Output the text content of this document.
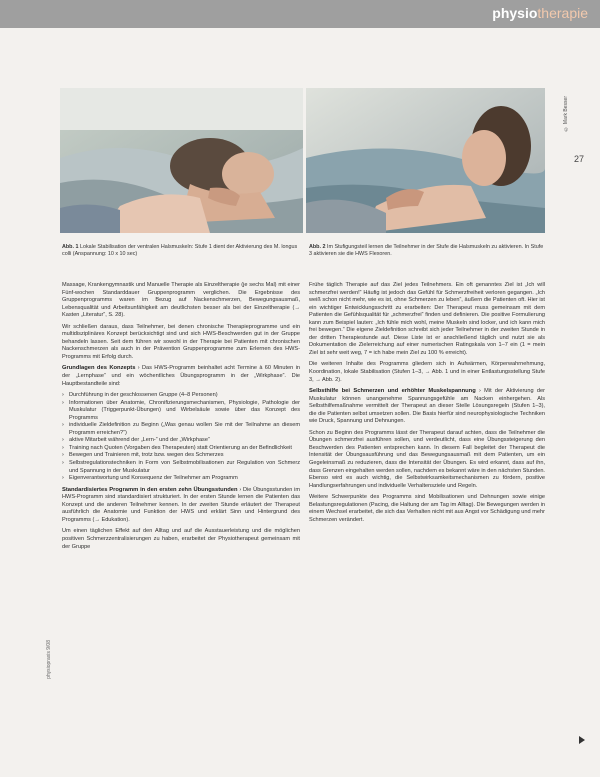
physiotherapie
© Mark Besser
27
Abb. 1 Lokale Stabilisation der ventralen Halsmuskeln: Stufe 1 dient der Aktivierung des M. longus colli (Anspannung: 10 x 10 sec)
Abb. 2 Im Stufigungsteil lernen die Teilnehmer in der Stufe die Halsmuskeln zu aktivieren. In Stufe 3 aktivieren sie die HWS Flexoren.

Massage, Krankengymnastik und Manuelle Therapie als Einzeltherapie (je sechs Mal) mit einer Fünf-wochen Standarddauer Gruppenprogramm verglichen. Die Ergebnisse des Gruppenprogramms waren im Bezug auf Nackenschmerzen, Bewegungsausmaß, Lebensqualität und Arbeitsunfähigkeit am deutlichsten besser als bei der Einzeltherapie (→ Kasten „Literatur“, S. 28).

Wir schließen daraus, dass Teilnehmer, bei denen chronische Therapieprogramme und ein multidisziplinäres Konzept berücksichtigt sind und sich HWS-Beschwerden gut in der Gruppe behandeln lassen. Seit dem führen wir sowohl in der Therapie bei Patienten mit chronischen Nackenschmerzen als auch in der Prävention Gruppenprogramme zum Erlernen des HWS-Programms mit Erfolg durch.

Grundlagen des Konzepts › Das HWS-Programm beinhaltet acht Termine à 60 Minuten in der „Lernphase“ und ein wöchentliches Übungsprogramm in der „Wirkphase“. Die Hauptbestandteile sind:

› Durchführung in der geschlossenen Gruppe (4–8 Personen)
› Informationen über Anatomie, Chronifizierungsmechanismen, Physiologie, Pathologie der Muskulatur (Triggerpunkt-Übungen) und Wirbelsäule sowie über das Konzept des Programms
› individuelle Zieldefinition zu Beginn („Was genau wollen Sie mit der Teilnahme an diesem Programm erreichen?“)
› aktive Mitarbeit während der „Lern-“ und der „Wirkphase“
› Training nach Quoten (Vorgaben des Therapeuten) statt Orientierung an der Befindlichkeit
› Bewegen und Trainieren mit, trotz bzw. wegen des Schmerzes
› Selbstregulationstechniken in Form von Selbstmobilisationen zur Regulation von Schmerz und Spannung in der Muskulatur
› Eigenverantwortung und Konsequenz der Teilnehmer am Programm

Standardisiertes Programm in den ersten zehn Übungsstunden › Die Übungsstunden im HWS-Programm sind standardisiert strukturiert. In der ersten Stunde lernen die Patienten das Konzept und die anderen Teilnehmer kennen. In der zweiten Stunde erläutert der Therapeut ausführlich die Anatomie und Funktion der HWS und erklärt Sinn und Hintergrund des Programms (→ Edukation).

Um einen täglichen Effekt auf den Alltag und auf die Ausstauerleistung und die möglichen positiven Schmerzzentralisierungen zu haben, erarbeitet der Physiotherapeut gemeinsam mit der Gruppe

Frühe täglich Therapie auf das Ziel jedes Teilnehmers. Ein oft genanntes Ziel ist „Ich will schmerzfrei werden!“ Häufig ist jedoch das Gefühl für Schmerzfreiheit verloren gegangen. „Ich weiß schon nicht mehr, wie es ist, ohne Schmerzen zu leben“, äußern die Patienten oft. Hier ist ein wichtiger Entwicklungsschritt zu erarbeiten: Der Therapeut muss gemeinsam mit dem Patienten die Gefühlsqualität für „schmerzfrei“ finden und definieren. Die positive Formulierung kann zum Beispiel lauten: „Ich fühle mich wohl, meine Muskeln sind locker, und ich kann mich frei bewegen.“ Die eigene Zieldefinition schreibt sich jeder Teilnehmer in der zweiten Stunde in der dritten Therapiestunde auf. Diese Liste ist er anschließend täglich und nutzt sie als Dokumentation die Zielerreichung auf einer numerischen Ratingskala von 1–7 ein (1 = mein Ziel ist sehr weit weg, 7 = ich habe mein Ziel zu 100 % erreicht).

Die weiteren Inhalte des Programms gliedern sich in Aufwärmen, Körperwahrnehmung, Koordination, lokale Stabilisation (Stufen 1–3, → Abb. 1 und in einer Entlastungsstellung Stufe 3, → Abb. 2).

Selbsthilfe bei Schmerzen und erhöhter Muskelspannung › Mit der Aktivierung der Muskulatur können unangenehme Spannungsgefühle am Nacken einhergehen. Als Selbsthilfemaßnahme vermittelt der Therapeut an dieser Stelle Lösungsregeln (Stufen 1–3), die die Patienten selbst umsetzen sollen. Die Basis hierfür sind neurophysiologische Techniken wie Druck, Spannung und Dehnungen.

Schon zu Beginn des Programms lässt der Therapeut darauf achten, dass die Teilnehmer die Übungen schmerzfrei ausführen sollen, und verdeutlicht, dass eine Übungssteigerung den Beschwerden des Patienten entsprechen kann. In diesem Fall begleitet der Therapeut die Intensität der Übungsausführung und das Bewegungsausmaß mit dem Patienten, um ein Gegeleinsmaß zu reduzieren, dass die Intensität der Übungen. Es wird erkannt, dass auf ihn, dass Grenzen eingehalten werden sollen, nachdem es bekannt wäre in den nächsten Stunden. Ebenso wird es auch wichtig, die Selbstwirksamkeitsmechanismen zu fördern, positive Handlungserfahrungen und individuelle Verhaltensziele und Regeln.

Weitere Schwerpunkte des Programms sind Mobilisationen und Dehnungen sowie einige Belastungsregulationen (Pacing, die Haltung der am Tag im Alltag). Die Bewegungen werden in einem Wechsel erarbeitet, die sich das Verhalten nicht mit aus Angst vor Schädigung und mehr Schmerzen verändert.

physiopraxis 9/08
